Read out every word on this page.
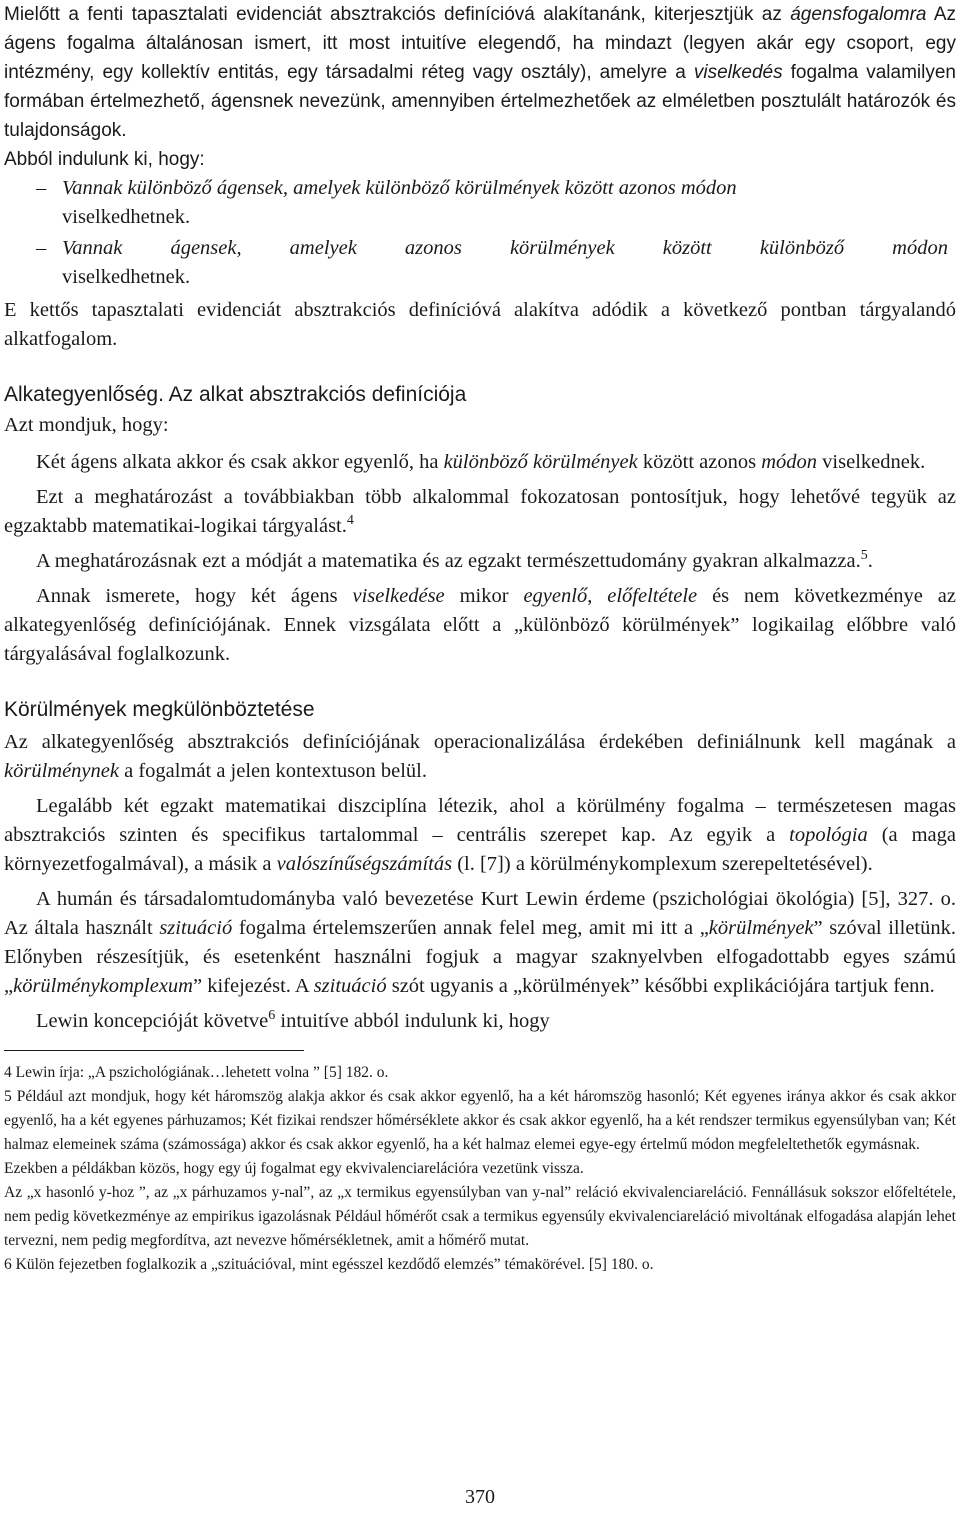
Mielőtt a fenti tapasztalati evidenciát absztrakciós definícióvá alakítanánk, kiterjesztjük az ágensfogalomra Az ágens fogalma általánosan ismert, itt most intuitíve elegendő, ha mindazt (legyen akár egy csoport, egy intézmény, egy kollektív entitás, egy társadalmi réteg vagy osztály), amelyre a viselkedés fogalma valamilyen formában értelmezhető, ágensnek nevezünk, amennyiben értelmezhetőek az elméletben posztulált határozók és tulajdonságok.

Abból indulunk ki, hogy:

– Vannak különböző ágensek, amelyek különböző körülmények között azonos módon
viselkedhetnek.
– Vannak ágensek, amelyek azonos körülmények között különböző módon
viselkedhetnek.

E kettős tapasztalati evidenciát absztrakciós definícióvá alakítva adódik a következő pontban tárgyalandó alkatfogalom.

Alkategyenlőség. Az alkat absztrakciós definíciója

Azt mondjuk, hogy:

Két ágens alkata akkor és csak akkor egyenlő, ha különböző körülmények között azonos módon viselkednek.

Ezt a meghatározást a továbbiakban több alkalommal fokozatosan pontosítjuk, hogy lehetővé tegyük az egzaktabb matematikai-logikai tárgyalást.$^4$

A meghatározásnak ezt a módját a matematika és az egzakt természettudomány gyakran alkalmazza.$^5$.

Annak ismerete, hogy két ágens viselkedése mikor egyenlő, előfeltétele és nem következménye az alkategyenlőség definíciójának. Ennek vizsgálata előtt a „különböző körülmények” logikailag előbbre való tárgyalásával foglalkozunk.

Körülmények megkülönböztetése

Az alkategyenlőség absztrakciós definíciójának operacionalizálása érdekében definiálnunk kell magának a körülménynek a fogalmát a jelen kontextuson belül.

Legalább két egzakt matematikai diszciplína létezik, ahol a körülmény fogalma – természetesen magas absztrakciós szinten és specifikus tartalommal – centrális szerepet kap. Az egyik a topológia (a maga környezetfogalmával), a másik a valószínűségszámítás (l. [7]) a körülménykomplexum szerepeltetésével).

A humán és társadalomtudományba való bevezetése Kurt Lewin érdeme (pszichológiai ökológia) [5], 327. o. Az általa használt szituáció fogalma értelemszerűen annak felel meg, amit mi itt a „körülmények” szóval illetünk. Előnyben részesítjük, és esetenként használni fogjuk a magyar szaknyelvben elfogadottabb egyes számú „körülménykomplexum” kifejezést. A szituáció szót ugyanis a „körülmények” későbbi explikációjára tartjuk fenn.

Lewin koncepcióját követve$^6$ intuitíve abból indulunk ki, hogy

4 Lewin írja: „A pszichológiának…lehetett volna ” [5] 182. o.

5 Például azt mondjuk, hogy két háromszög alakja akkor és csak akkor egyenlő, ha a két háromszög hasonló; Két egyenes iránya akkor és csak akkor egyenlő, ha a két egyenes párhuzamos; Két fizikai rendszer hőmérséklete akkor és csak akkor egyenlő, ha a két rendszer termikus egyensúlyban van; Két halmaz elemeinek száma (számossága) akkor és csak akkor egyenlő, ha a két halmaz elemei egye-egy értelmű módon megfeleltethetők egymásnak.

Ezekben a példákban közös, hogy egy új fogalmat egy ekvivalenciarelációra vezetünk vissza.

Az „x hasonló y-hoz ”, az „x párhuzamos y-nal”, az „x termikus egyensúlyban van y-nal” reláció ekvivalenciareláció. Fennállásuk sokszor előfeltétele, nem pedig következménye az empirikus igazolásnak Például hőmérőt csak a termikus egyensúly ekvivalenciareláció mivoltának elfogadása alapján lehet tervezni, nem pedig megfordítva, azt nevezve hőmérsékletnek, amit a hőmérő mutat.

6 Külön fejezetben foglalkozik a „szituációval, mint egésszel kezdődő elemzés” témakörével. [5] 180. o.

370
